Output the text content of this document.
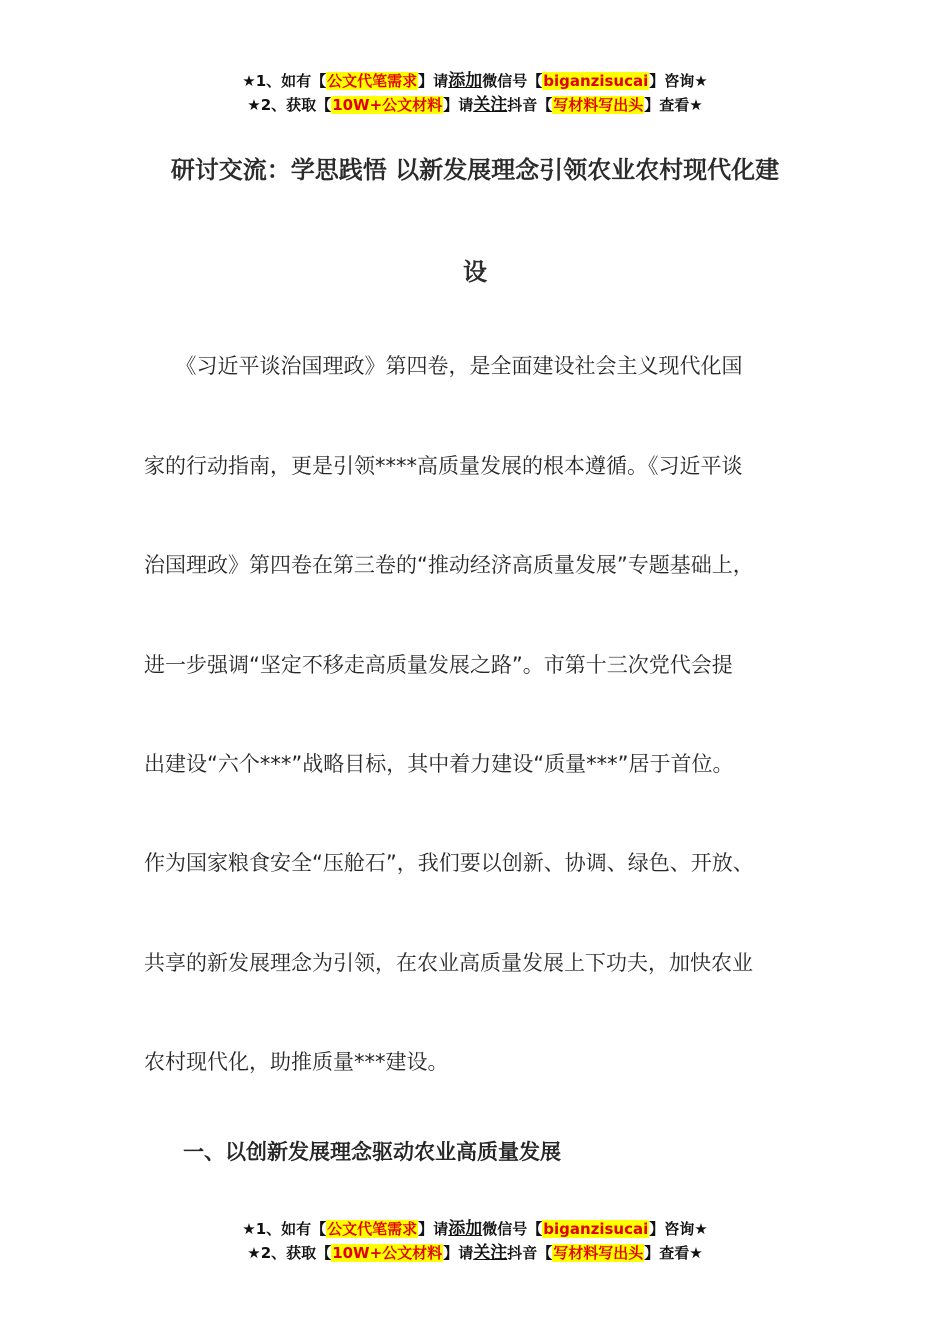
★1、如有【公文代笔需求】请添加微信号【biganzisucai】咨询★
★2、获取【10W+公文材料】请关注抖音【写材料写出头】查看★
研讨交流：学思践悟 以新发展理念引领农业农村现代化建
设
　　《习近平谈治国理政》第四卷，是全面建设社会主义现代化国
家的行动指南，更是引领****高质量发展的根本遵循。《习近平谈
治国理政》第四卷在第三卷的“推动经济高质量发展”专题基础上，
进一步强调“坚定不移走高质量发展之路”。市第十三次党代会提
出建设“六个***”战略目标，其中着力建设“质量***”居于首位。
作为国家粮食安全“压舱石”，我们要以创新、协调、绿色、开放、
共享的新发展理念为引领，在农业高质量发展上下功夫，加快农业
农村现代化，助推质量***建设。
一、以创新发展理念驱动农业高质量发展
★1、如有【公文代笔需求】请添加微信号【biganzisucai】咨询★
★2、获取【10W+公文材料】请关注抖音【写材料写出头】查看★
